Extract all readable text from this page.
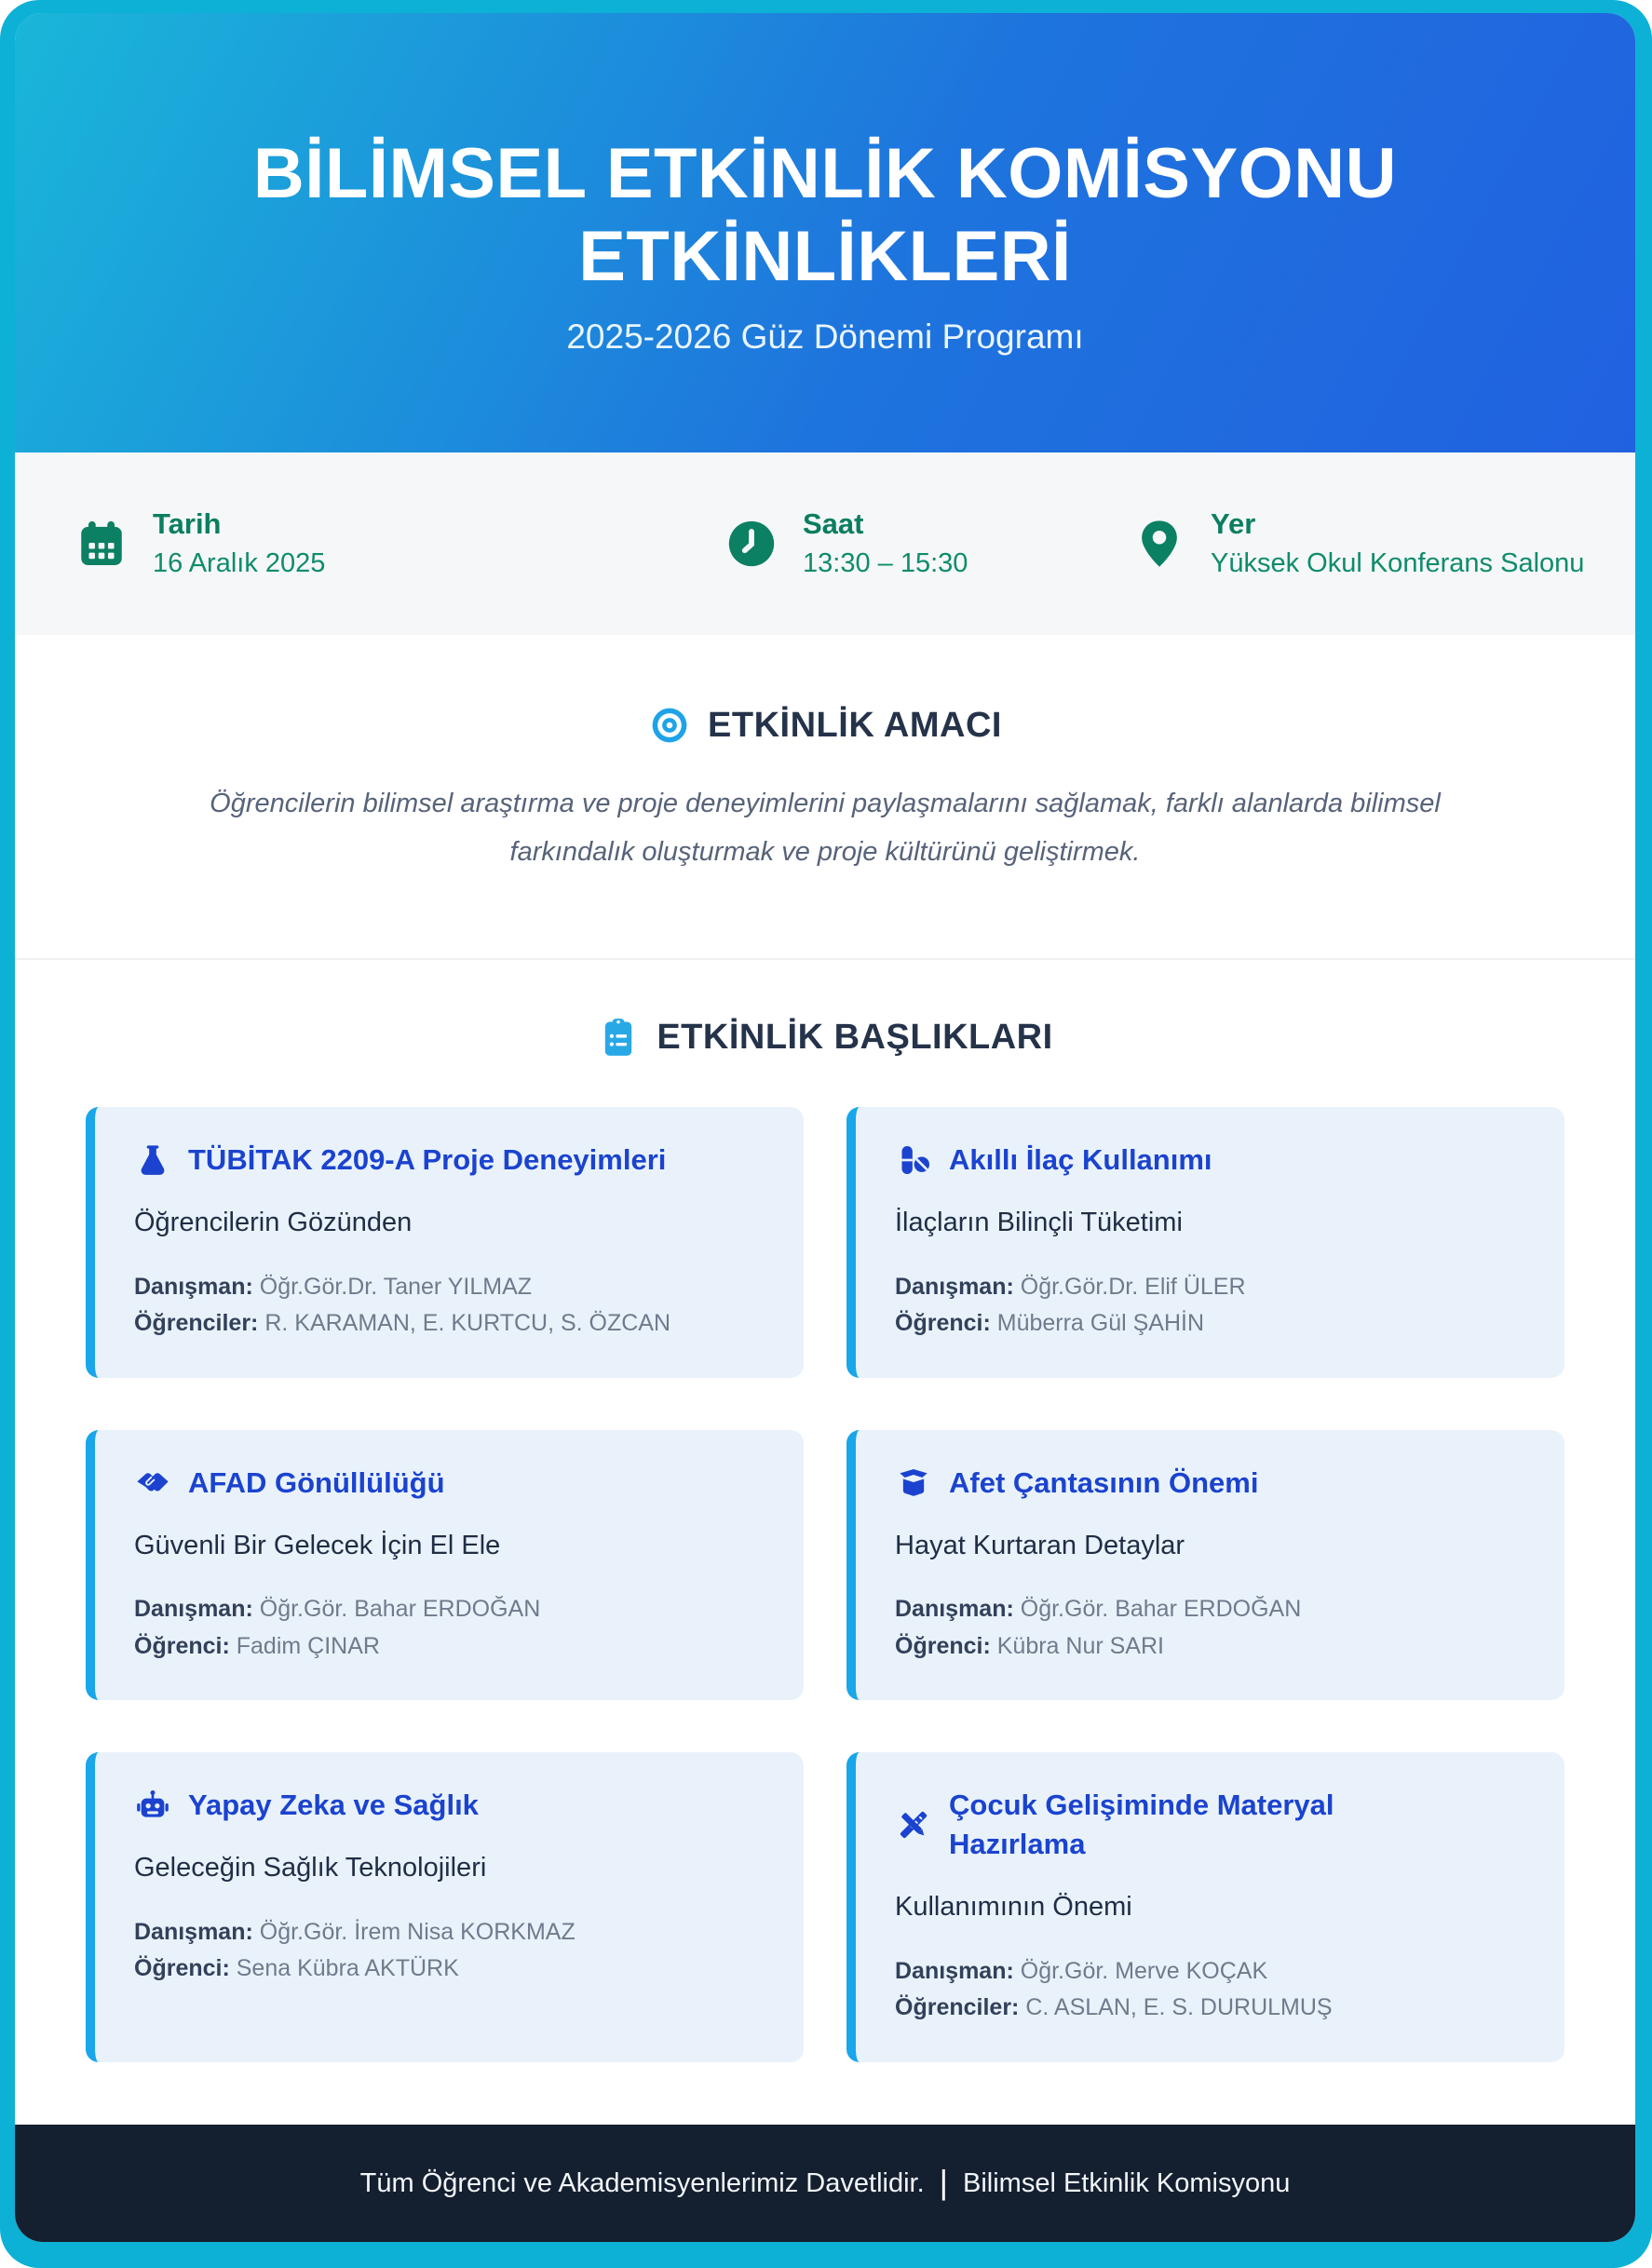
BİLİMSEL ETKİNLİK KOMİSYONU
ETKİNLİKLERİ

2025-2026 Güz Dönemi Programı

Tarih
16 Aralık 2025
Saat
13:30 – 15:30
Yer
Yüksek Okul Konferans Salonu
ETKİNLİK AMACI

Öğrencilerin bilimsel araştırma ve proje deneyimlerini paylaşmalarını sağlamak, farklı alanlarda bilimsel farkındalık oluşturmak ve proje kültürünü geliştirmek.

ETKİNLİK BAŞLIKLARI
TÜBİTAK 2209-A Proje Deneyimleri
Öğrencilerin Gözünden
Danışman: Öğr.Gör.Dr. Taner YILMAZ
Öğrenciler: R. KARAMAN, E. KURTCU, S. ÖZCAN
Akıllı İlaç Kullanımı
İlaçların Bilinçli Tüketimi
Danışman: Öğr.Gör.Dr. Elif ÜLER
Öğrenci: Müberra Gül ŞAHİN
AFAD Gönüllülüğü
Güvenli Bir Gelecek İçin El Ele
Danışman: Öğr.Gör. Bahar ERDOĞAN
Öğrenci: Fadim ÇINAR
Afet Çantasının Önemi
Hayat Kurtaran Detaylar
Danışman: Öğr.Gör. Bahar ERDOĞAN
Öğrenci: Kübra Nur SARI
Yapay Zeka ve Sağlık
Geleceğin Sağlık Teknolojileri
Danışman: Öğr.Gör. İrem Nisa KORKMAZ
Öğrenci: Sena Kübra AKTÜRK
Çocuk Gelişiminde Materyal Hazırlama
Kullanımının Önemi
Danışman: Öğr.Gör. Merve KOÇAK
Öğrenciler: C. ASLAN, E. S. DURULMUŞ
Tüm Öğrenci ve Akademisyenlerimiz Davetlidir. | Bilimsel Etkinlik Komisyonu
